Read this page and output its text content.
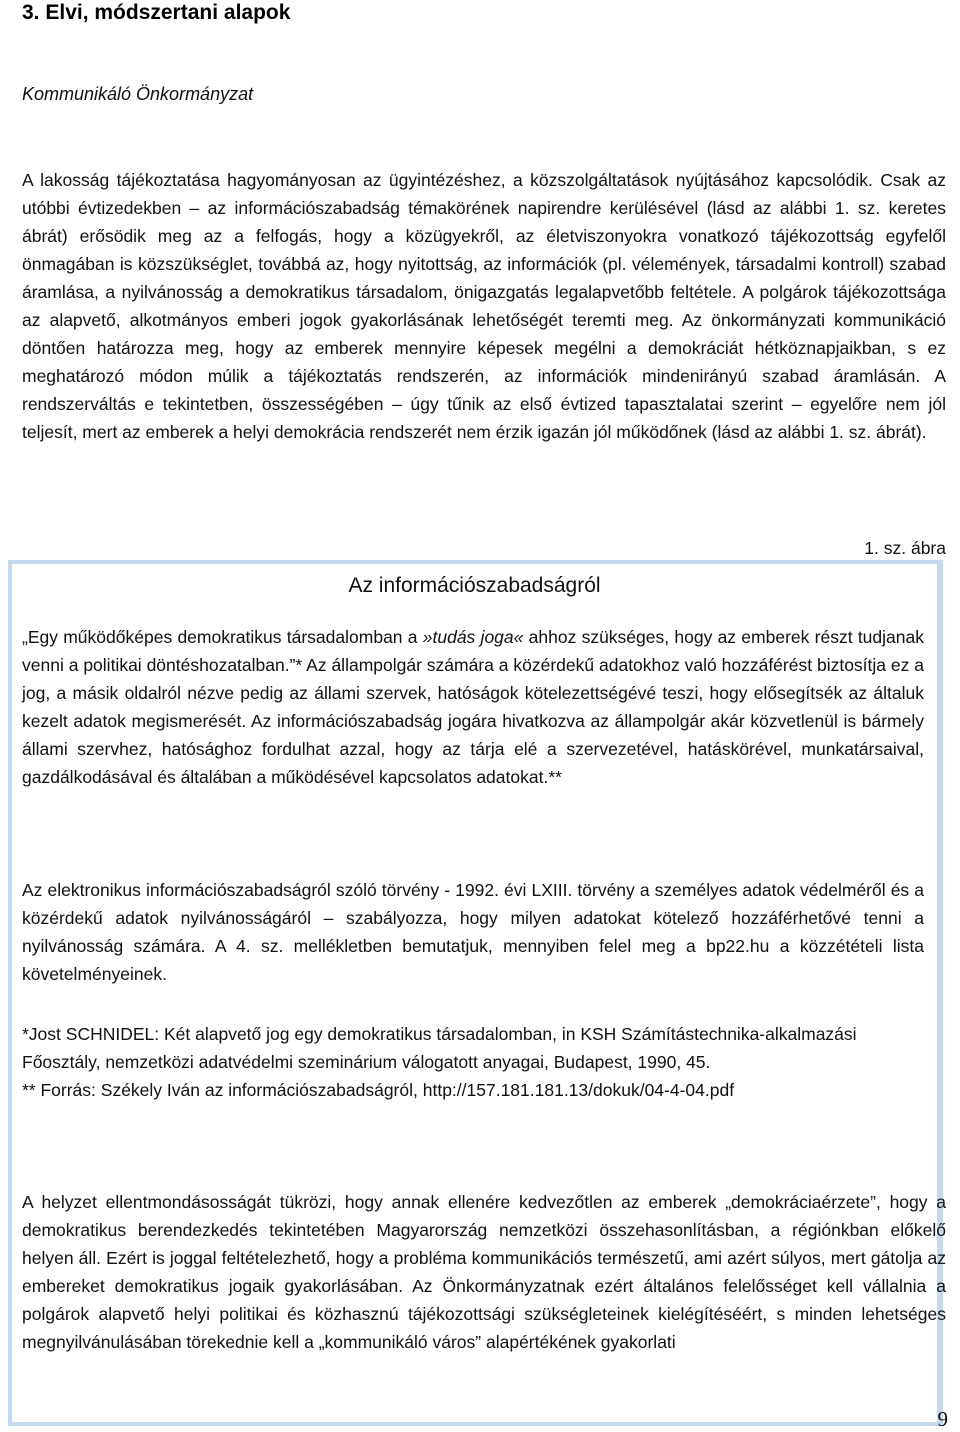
3. Elvi, módszertani alapok

Kommunikáló Önkormányzat

A lakosság tájékoztatása hagyományosan az ügyintézéshez, a közszolgáltatások nyújtásához kapcsolódik. Csak az utóbbi évtizedekben – az információszabadság témakörének napirendre kerülésével (lásd az alábbi 1. sz. keretes ábrát) erősödik meg az a felfogás, hogy a közügyekről, az életviszonyokra vonatkozó tájékozottság egyfelől önmagában is közszükséglet, továbbá az, hogy nyitottság, az információk (pl. vélemények, társadalmi kontroll) szabad áramlása, a nyilvánosság a demokratikus társadalom, önigazgatás legalapvetőbb feltétele. A polgárok tájékozottsága az alapvető, alkotmányos emberi jogok gyakorlásának lehetőségét teremti meg. Az önkormányzati kommunikáció döntően határozza meg, hogy az emberek mennyire képesek megélni a demokráciát hétköznapjaikban, s ez meghatározó módon múlik a tájékoztatás rendszerén, az információk mindenirányú szabad áramlásán. A rendszerváltás e tekintetben, összességében – úgy tűnik az első évtized tapasztalatai szerint – egyelőre nem jól teljesít, mert az emberek a helyi demokrácia rendszerét nem érzik igazán jól működőnek (lásd az alábbi 1. sz. ábrát).

1. sz. ábra

Az információszabadságról

„Egy működőképes demokratikus társadalomban a »tudás joga« ahhoz szükséges, hogy az emberek részt tudjanak venni a politikai döntéshozatalban.”* Az állampolgár számára a közérdekű adatokhoz való hozzáférést biztosítja ez a jog, a másik oldalról nézve pedig az állami szervek, hatóságok kötelezettségévé teszi, hogy elősegítsék az általuk kezelt adatok megismerését. Az információszabadság jogára hivatkozva az állampolgár akár közvetlenül is bármely állami szervhez, hatósághoz fordulhat azzal, hogy az tárja elé a szervezetével, hatáskörével, munkatársaival, gazdálkodásával és általában a működésével kapcsolatos adatokat.**

Az elektronikus információszabadságról szóló törvény - 1992. évi LXIII. törvény a személyes adatok védelméről és a közérdekű adatok nyilvánosságáról – szabályozza, hogy milyen adatokat kötelező hozzáférhetővé tenni a nyilvánosság számára. A 4. sz. mellékletben bemutatjuk, mennyiben felel meg a bp22.hu a közzétételi lista követelményeinek.

*Jost SCHNIDEL: Két alapvető jog egy demokratikus társadalomban, in KSH Számítástechnika-alkalmazási Főosztály, nemzetközi adatvédelmi szeminárium válogatott anyagai, Budapest, 1990, 45.
** Forrás: Székely Iván az információszabadságról, http://157.181.181.13/dokuk/04-4-04.pdf

A helyzet ellentmondásosságát tükrözi, hogy annak ellenére kedvezőtlen az emberek „demokráciaérzete”, hogy a demokratikus berendezkedés tekintetében Magyarország nemzetközi összehasonlításban, a régiónkban előkelő helyen áll. Ezért is joggal feltételezhető, hogy a probléma kommunikációs természetű, ami azért súlyos, mert gátolja az embereket demokratikus jogaik gyakorlásában. Az Önkormányzatnak ezért általános felelősséget kell vállalnia a polgárok alapvető helyi politikai és közhasznú tájékozottsági szükségleteinek kielégítéséért, s minden lehetséges megnyilvánulásában törekednie kell a „kommunikáló város” alapértékének gyakorlati

9
